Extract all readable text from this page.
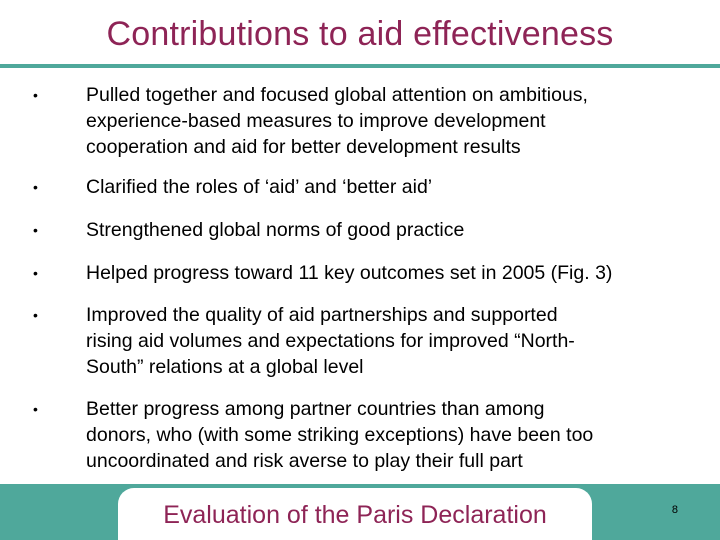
Contributions to aid effectiveness
• Pulled together and focused global attention on ambitious,
experience-based measures to improve development
cooperation and aid for better development results
• Clarified the roles of ‘aid’ and ‘better aid’
• Strengthened global norms of good practice
• Helped progress toward 11 key outcomes set in 2005 (Fig. 3)
• Improved the quality of aid partnerships and supported
rising aid volumes and expectations for improved “North-
South” relations at a global level
• Better progress among partner countries than among
donors, who (with some striking exceptions) have been too
uncoordinated and risk averse to play their full part
Evaluation of the Paris Declaration	8
